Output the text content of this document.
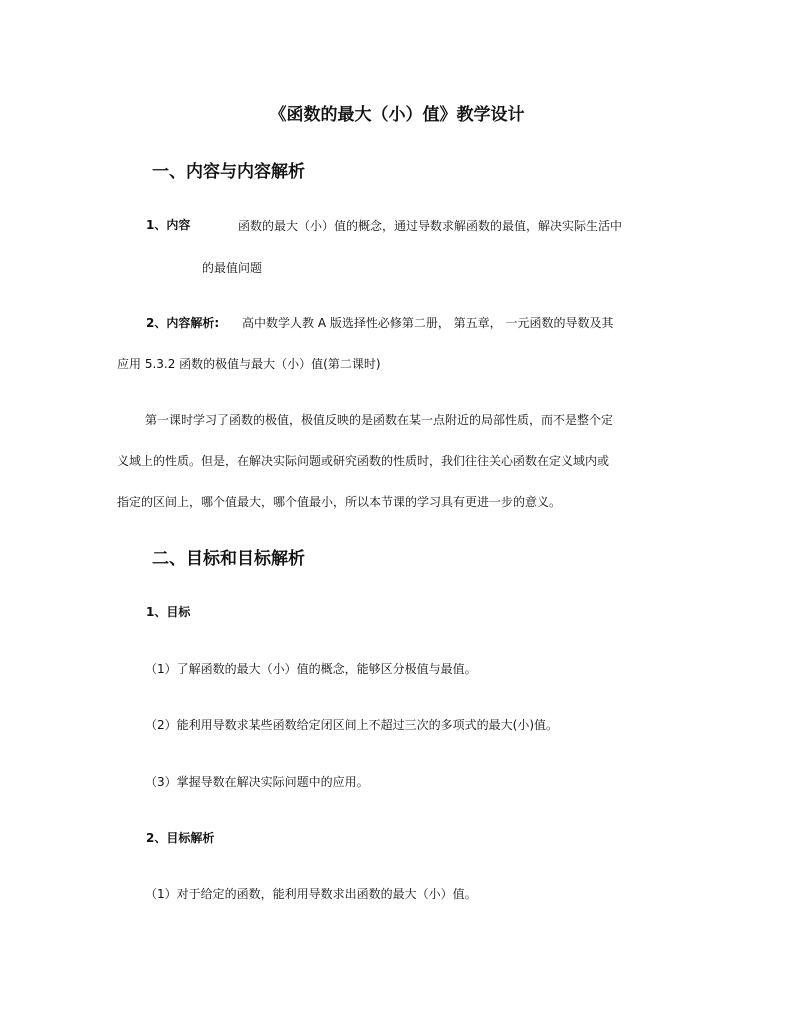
《函数的最大（小）值》教学设计
一、内容与内容解析
1、内容	函数的最大（小）值的概念，通过导数求解函数的最值，解决实际生活中
的最值问题
2、内容解析: 高中数学人教 A 版选择性必修第二册， 第五章， 一元函数的导数及其
应用 5.3.2 函数的极值与最大（小）值(第二课时)
第一课时学习了函数的极值，极值反映的是函数在某一点附近的局部性质，而不是整个定
义域上的性质。但是，在解决实际问题或研究函数的性质时，我们往往关心函数在定义域内或
指定的区间上，哪个值最大，哪个值最小，所以本节课的学习具有更进一步的意义。
二、目标和目标解析
1、目标
（1）了解函数的最大（小）值的概念，能够区分极值与最值。
（2）能利用导数求某些函数给定闭区间上不超过三次的多项式的最大(小)值。
（3）掌握导数在解决实际问题中的应用。
2、目标解析
（1）对于给定的函数，能利用导数求出函数的最大（小）值。
